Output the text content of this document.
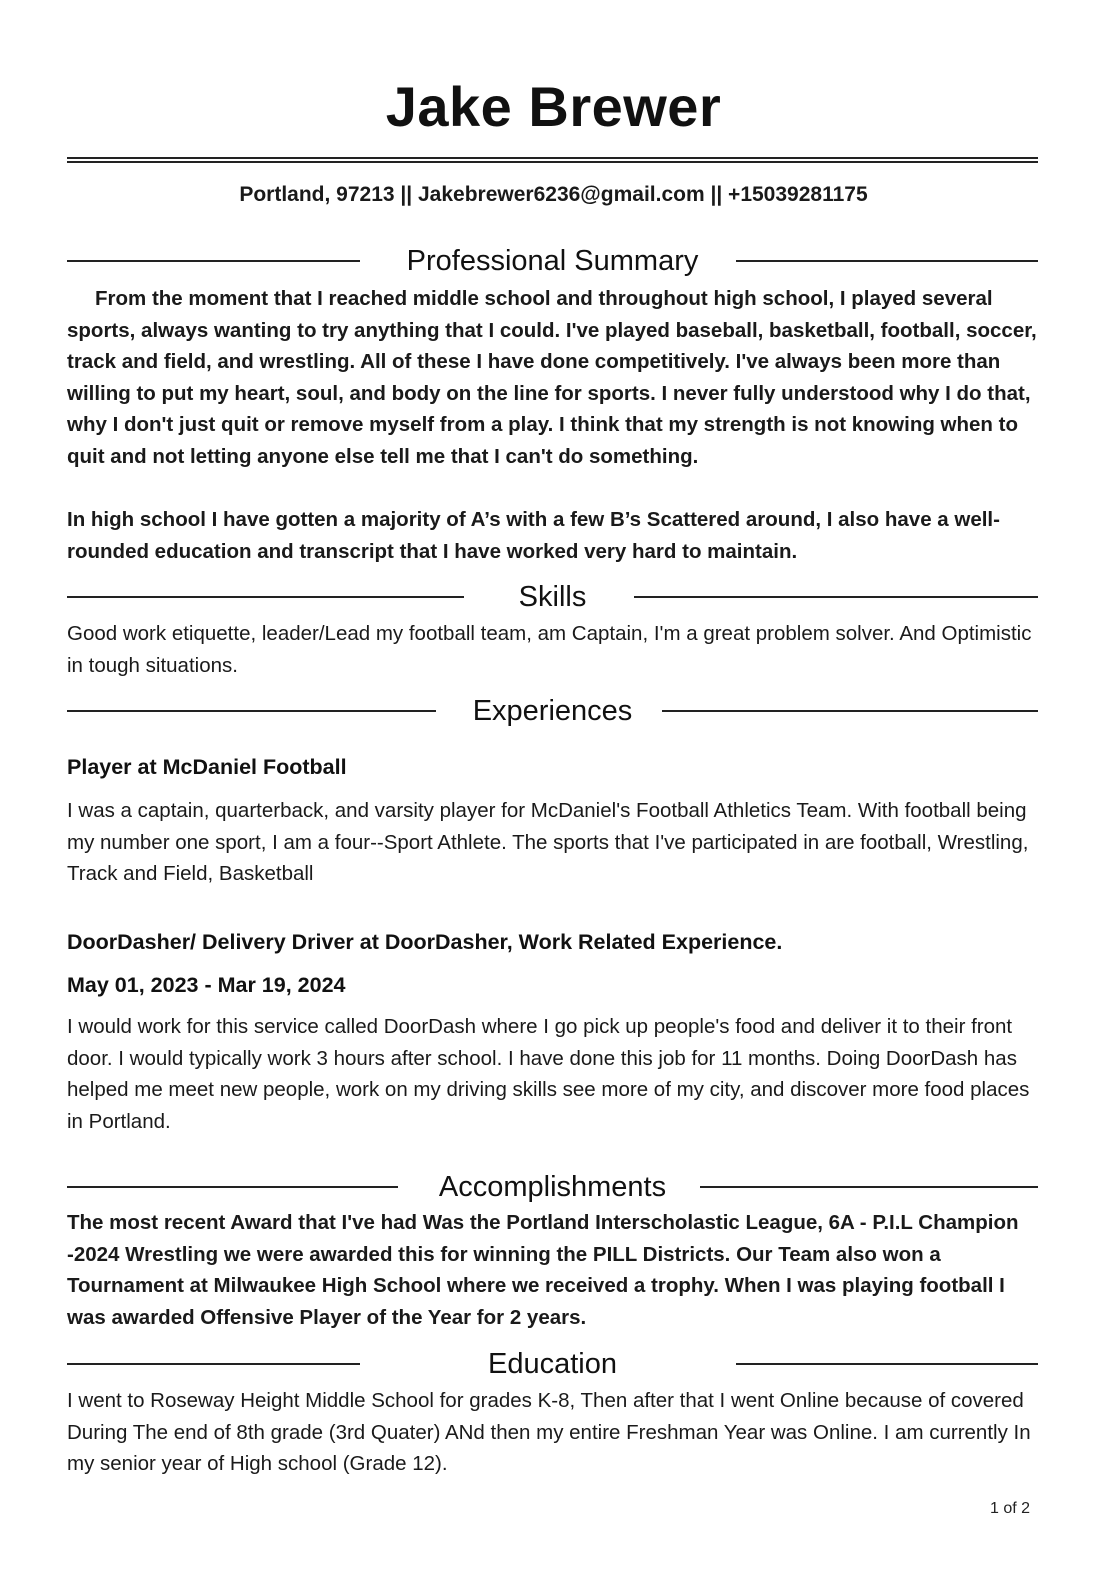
Jake Brewer
Portland, 97213 || Jakebrewer6236@gmail.com || +15039281175
Professional Summary
From the moment that I reached middle school and throughout high school, I played several sports, always wanting to try anything that I could. I've played baseball, basketball, football, soccer, track and field, and wrestling. All of these I have done competitively. I've always been more than willing to put my heart, soul, and body on the line for sports. I never fully understood why I do that, why I don't just quit or remove myself from a play. I think that my strength is not knowing when to quit and not letting anyone else tell me that I can't do something.
In high school I have gotten a majority of A’s with a few B’s Scattered around, I also have a well-rounded education and transcript that I have worked very hard to maintain.
Skills
Good work etiquette, leader/Lead my football team, am Captain, I'm a great problem solver. And Optimistic in tough situations.
Experiences
Player at McDaniel Football
I was a captain, quarterback, and varsity player for McDaniel's Football Athletics Team. With football being my number one sport, I am a four--Sport Athlete. The sports that I've participated in are football, Wrestling, Track and Field, Basketball
DoorDasher/ Delivery Driver at DoorDasher, Work Related Experience.
May 01, 2023 - Mar 19, 2024
I would work for this service called DoorDash where I go pick up people's food and deliver it to their front door. I would typically work 3 hours after school. I have done this job for 11 months. Doing DoorDash has helped me meet new people, work on my driving skills see more of my city, and discover more food places in Portland.
Accomplishments
The most recent Award that I've had Was the Portland Interscholastic League, 6A - P.I.L Champion -2024 Wrestling we were awarded this for winning the PILL Districts. Our Team also won a Tournament at Milwaukee High School where we received a trophy. When I was playing football I was awarded Offensive Player of the Year for 2 years.
Education
I went to Roseway Height Middle School for grades K-8, Then after that I went Online because of covered During The end of 8th grade (3rd Quater) ANd then my entire Freshman Year was Online. I am currently In my senior year of High school (Grade 12).
1 of 2
